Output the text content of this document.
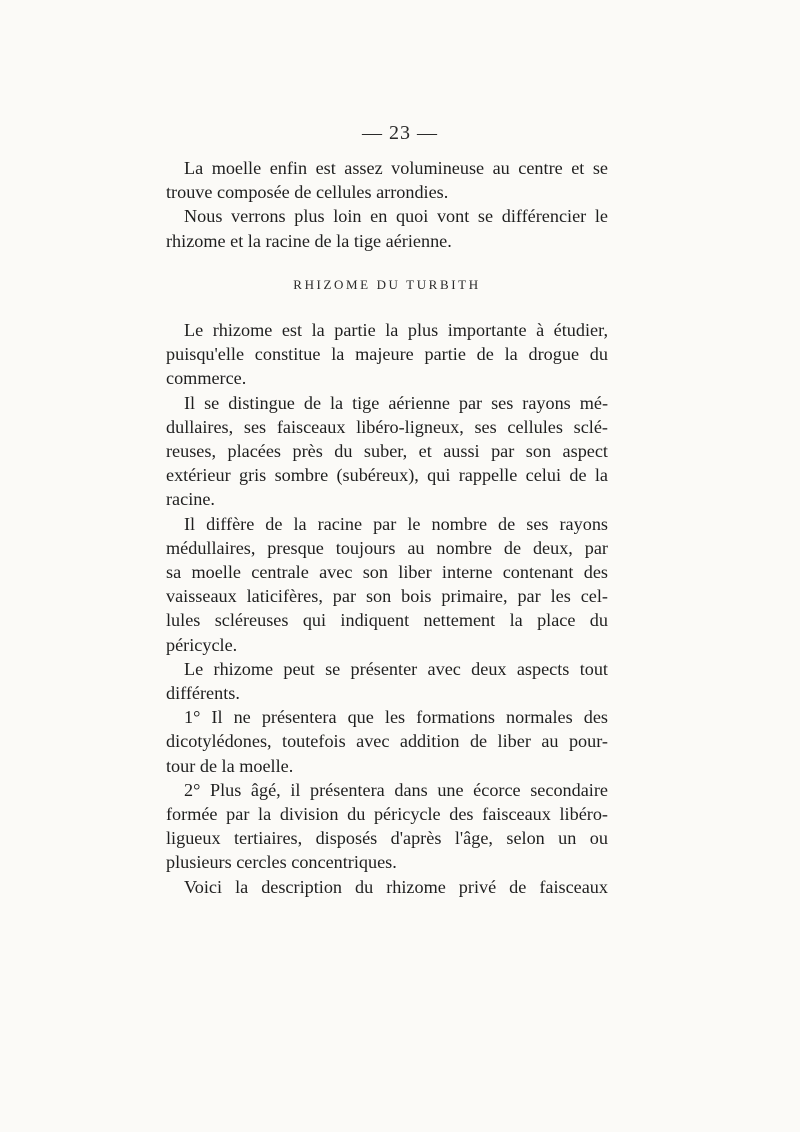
— 23 —

La moelle enfin est assez volumineuse au centre et se
trouve composée de cellules arrondies.

Nous verrons plus loin en quoi vont se différencier le
rhizome et la racine de la tige aérienne.

RHIZOME DU TURBITH

Le rhizome est la partie la plus importante à étudier,
puisqu'elle constitue la majeure partie de la drogue du
commerce.

Il se distingue de la tige aérienne par ses rayons mé-
dullaires, ses faisceaux libéro-ligneux, ses cellules sclé-
reuses, placées près du suber, et aussi par son aspect
extérieur gris sombre (subéreux), qui rappelle celui de la
racine.

Il diffère de la racine par le nombre de ses rayons
médullaires, presque toujours au nombre de deux, par
sa moelle centrale avec son liber interne contenant des
vaisseaux laticifères, par son bois primaire, par les cel-
lules scléreuses qui indiquent nettement la place du
péricycle.

Le rhizome peut se présenter avec deux aspects tout
différents.

1° Il ne présentera que les formations normales des
dicotylédones, toutefois avec addition de liber au pour-
tour de la moelle.

2° Plus âgé, il présentera dans une écorce secondaire
formée par la division du péricycle des faisceaux libéro-
ligueux tertiaires, disposés d'après l'âge, selon un ou
plusieurs cercles concentriques.

Voici la description du rhizome privé de faisceaux
